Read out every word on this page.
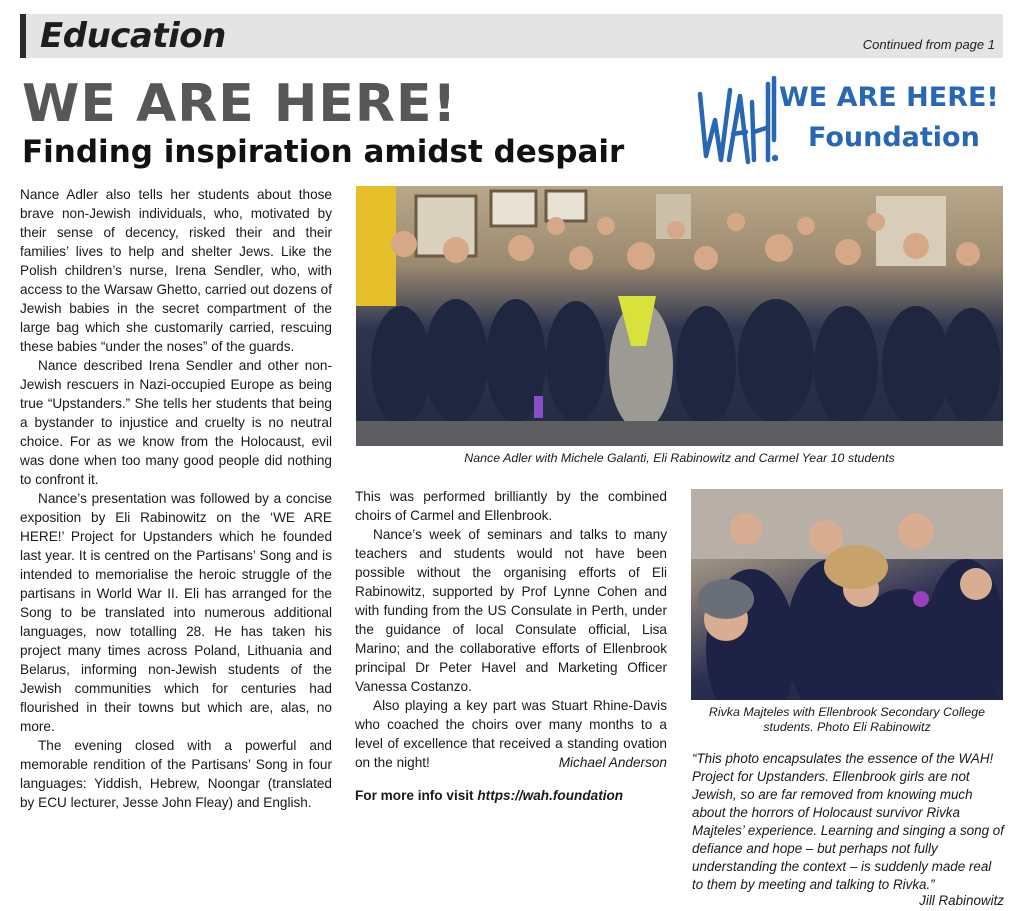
Education	Continued from page 1
WE ARE HERE!
Finding inspiration amidst despair
WE ARE HERE!
Foundation

Nance Adler also tells her students about those brave non-Jewish individuals, who, motivated by their sense of decency, risked their and their families’ lives to help and shelter Jews. Like the Polish children’s nurse, Irena Sendler, who, with access to the Warsaw Ghetto, carried out dozens of Jewish babies in the secret compartment of the large bag which she customarily carried, rescuing these babies “under the noses” of the guards.

Nance described Irena Sendler and other non-Jewish rescuers in Nazi-occupied Europe as being true “Upstanders.” She tells her students that being a bystander to injustice and cruelty is no neutral choice. For as we know from the Holocaust, evil was done when too many good people did nothing to confront it.

Nance’s presentation was followed by a concise exposition by Eli Rabinowitz on the ‘WE ARE HERE!’ Project for Upstanders which he founded last year. It is centred on the Partisans’ Song and is intended to memorialise the heroic struggle of the partisans in World War II. Eli has arranged for the Song to be translated into numerous additional languages, now totalling 28. He has taken his project many times across Poland, Lithuania and Belarus, informing non-Jewish students of the Jewish communities which for centuries had flourished in their towns but which are, alas, no more.

The evening closed with a powerful and memorable rendition of the Partisans’ Song in four languages: Yiddish, Hebrew, Noongar (translated by ECU lecturer, Jesse John Fleay) and English.

Nance Adler with Michele Galanti, Eli Rabinowitz and Carmel Year 10 students

This was performed brilliantly by the combined choirs of Carmel and Ellenbrook.

Nance’s week of seminars and talks to many teachers and students would not have been possible without the organising efforts of Eli Rabinowitz, supported by Prof Lynne Cohen and with funding from the US Consulate in Perth, under the guidance of local Consulate official, Lisa Marino; and the collaborative efforts of Ellenbrook principal Dr Peter Havel and Marketing Officer Vanessa Costanzo.

Also playing a key part was Stuart Rhine-Davis who coached the choirs over many months to a level of excellence that received a standing ovation on the night!	Michael Anderson

For more info visit https://wah.foundation

Rivka Majteles with Ellenbrook Secondary College students. Photo Eli Rabinowitz
“This photo encapsulates the essence of the WAH! Project for Upstanders. Ellenbrook girls are not Jewish, so are far removed from knowing much about the horrors of Holocaust survivor Rivka Majteles’ experience. Learning and singing a song of defiance and hope – but perhaps not fully understanding the context – is suddenly made real to them by meeting and talking to Rivka.”
Jill Rabinowitz
